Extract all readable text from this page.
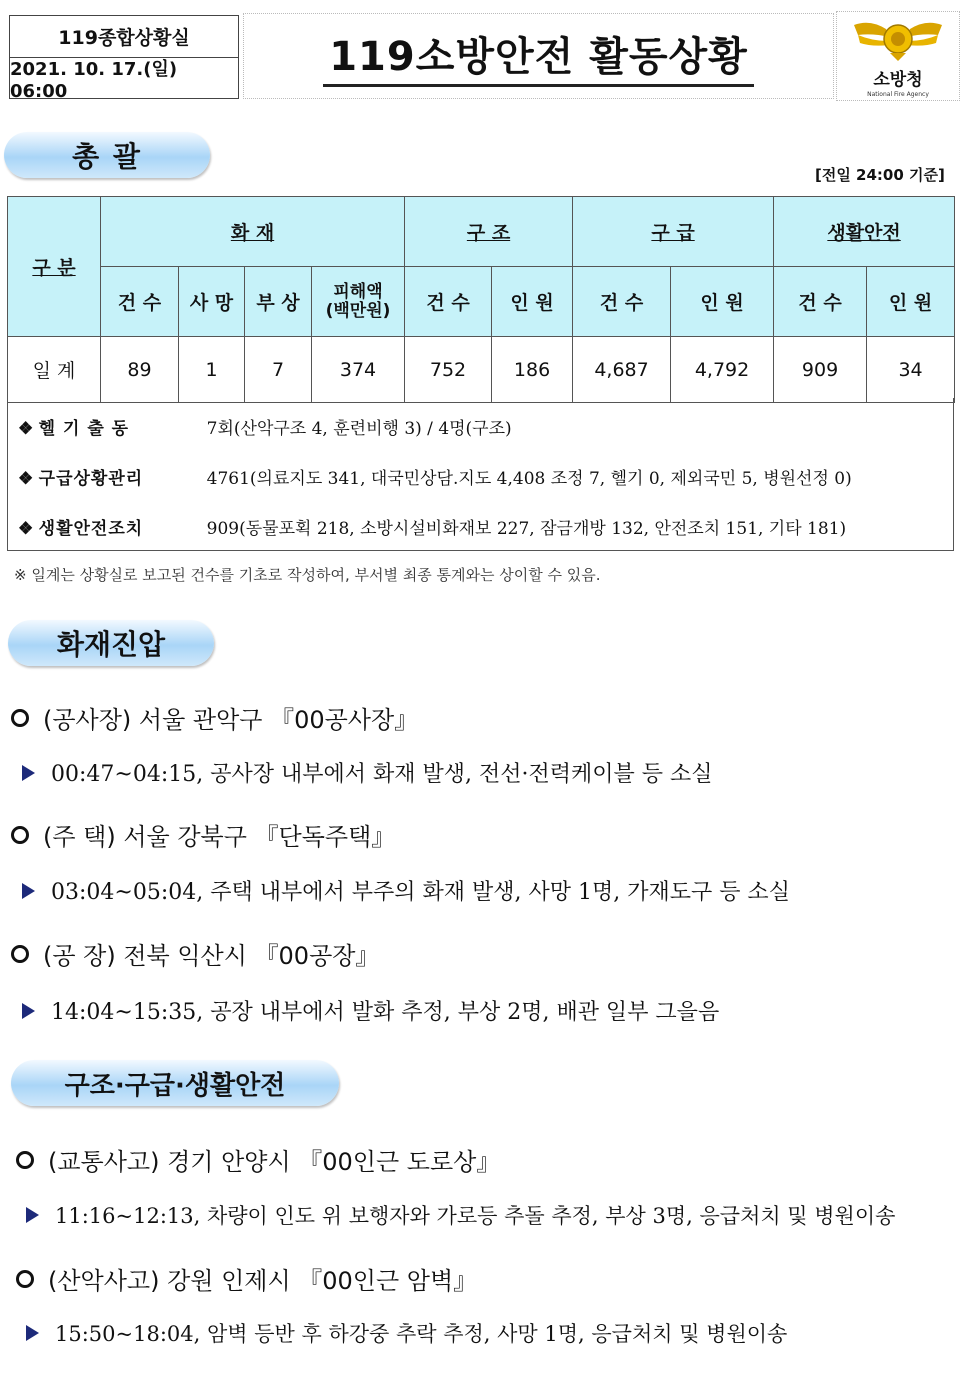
119종합상황실
2021. 10. 17.(일) 06:00
119소방안전 활동상황	소방청
National Fire Agency
총 괄
[전일 24:00 기준]
구 분	화 재				구 조		구 급		생활안전	
	건 수	사 망	부 상	피해액
(백만원)	건 수	인 원	건 수	인 원	건 수	인 원
일 계	89	1	7	374	752	186	4,687	4,792	909	34
❖ 헬 기 출 동	7회(산악구조 4, 훈련비행 3) / 4명(구조)
❖ 구급상황관리	4761(의료지도 341, 대국민상담.지도 4,408 조정 7, 헬기 0, 제외국민 5, 병원선정 0)
❖ 생활안전조치	909(동물포획 218, 소방시설비화재보 227, 잠금개방 132, 안전조치 151, 기타 181)
※ 일계는 상황실로 보고된 건수를 기초로 작성하여, 부서별 최종 통계와는 상이할 수 있음.
화재진압
(공사장) 서울 관악구 『00공사장』
00:47~04:15, 공사장 내부에서 화재 발생, 전선·전력케이블 등 소실
(주 택) 서울 강북구 『단독주택』
03:04~05:04, 주택 내부에서 부주의 화재 발생, 사망 1명, 가재도구 등 소실
(공 장) 전북 익산시 『00공장』
14:04~15:35, 공장 내부에서 발화 추정, 부상 2명, 배관 일부 그을음
구조·구급·생활안전
(교통사고) 경기 안양시 『00인근 도로상』
11:16~12:13, 차량이 인도 위 보행자와 가로등 추돌 추정, 부상 3명, 응급처치 및 병원이송
(산악사고) 강원 인제시 『00인근 암벽』
15:50~18:04, 암벽 등반 후 하강중 추락 추정, 사망 1명, 응급처치 및 병원이송
